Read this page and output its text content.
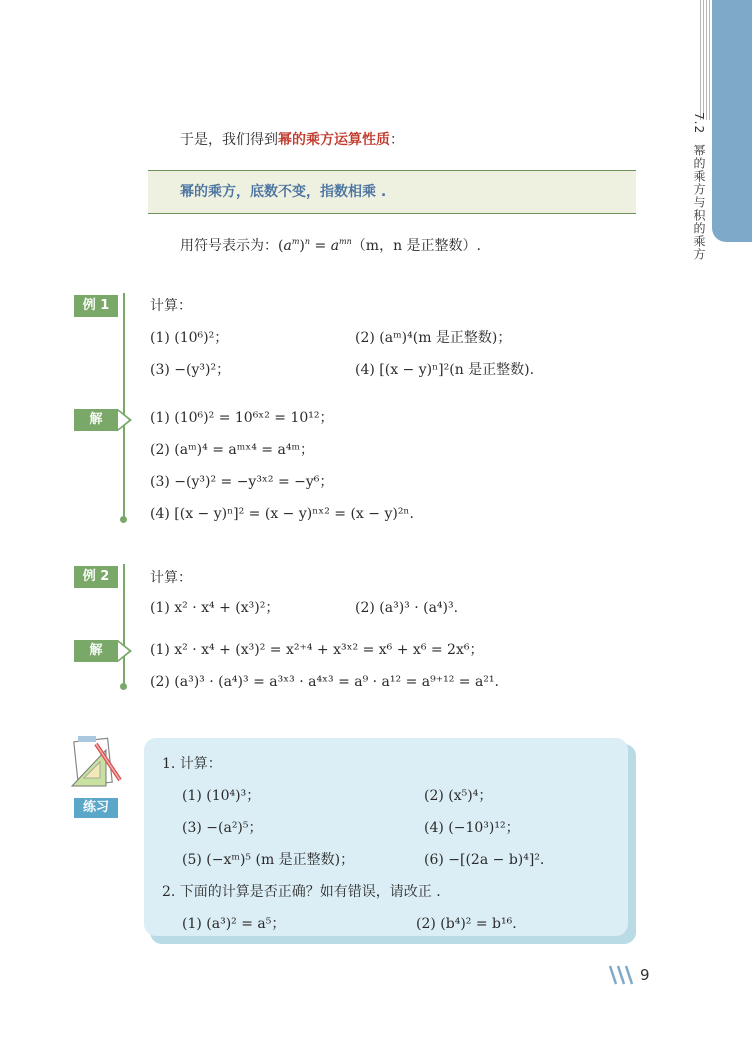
7.2  幂的乘方与积的乘方
于是，我们得到幂的乘方运算性质：
幂的乘方，底数不变，指数相乘 .
用符号表示为：$(a^m)^n = a^{mn}(m$，n 是正整数）.
例 1	计算：
(1) (10⁶)²；	(2) (aᵐ)⁴(m 是正整数)；
(3) −(y³)²；	(4) [(x − y)ⁿ]²(n 是正整数).
解	(1) (10⁶)² = 10⁶ˣ² = 10¹²；
(2) (aᵐ)⁴ = aᵐˣ⁴ = a⁴ᵐ；
(3) −(y³)² = −y³ˣ² = −y⁶；
(4) [(x − y)ⁿ]² = (x − y)ⁿˣ² = (x − y)²ⁿ.
例 2	计算：
(1) x² · x⁴ + (x³)²；	(2) (a³)³ · (a⁴)³.
解	(1) x² · x⁴ + (x³)² = x²⁺⁴ + x³ˣ² = x⁶ + x⁶ = 2x⁶；
(2) (a³)³ · (a⁴)³ = a³ˣ³ · a⁴ˣ³ = a⁹ · a¹² = a⁹⁺¹² = a²¹.
练习
1. 计算：
(1) (10⁴)³；	(2) (x⁵)⁴；
(3) −(a²)⁵；	(4) (−10³)¹²；
(5) (−xᵐ)⁵ (m 是正整数)；	(6) −[(2a − b)⁴]².
2. 下面的计算是否正确？如有错误，请改正 .
(1) (a³)² = a⁵；	(2) (b⁴)² = b¹⁶.
9
